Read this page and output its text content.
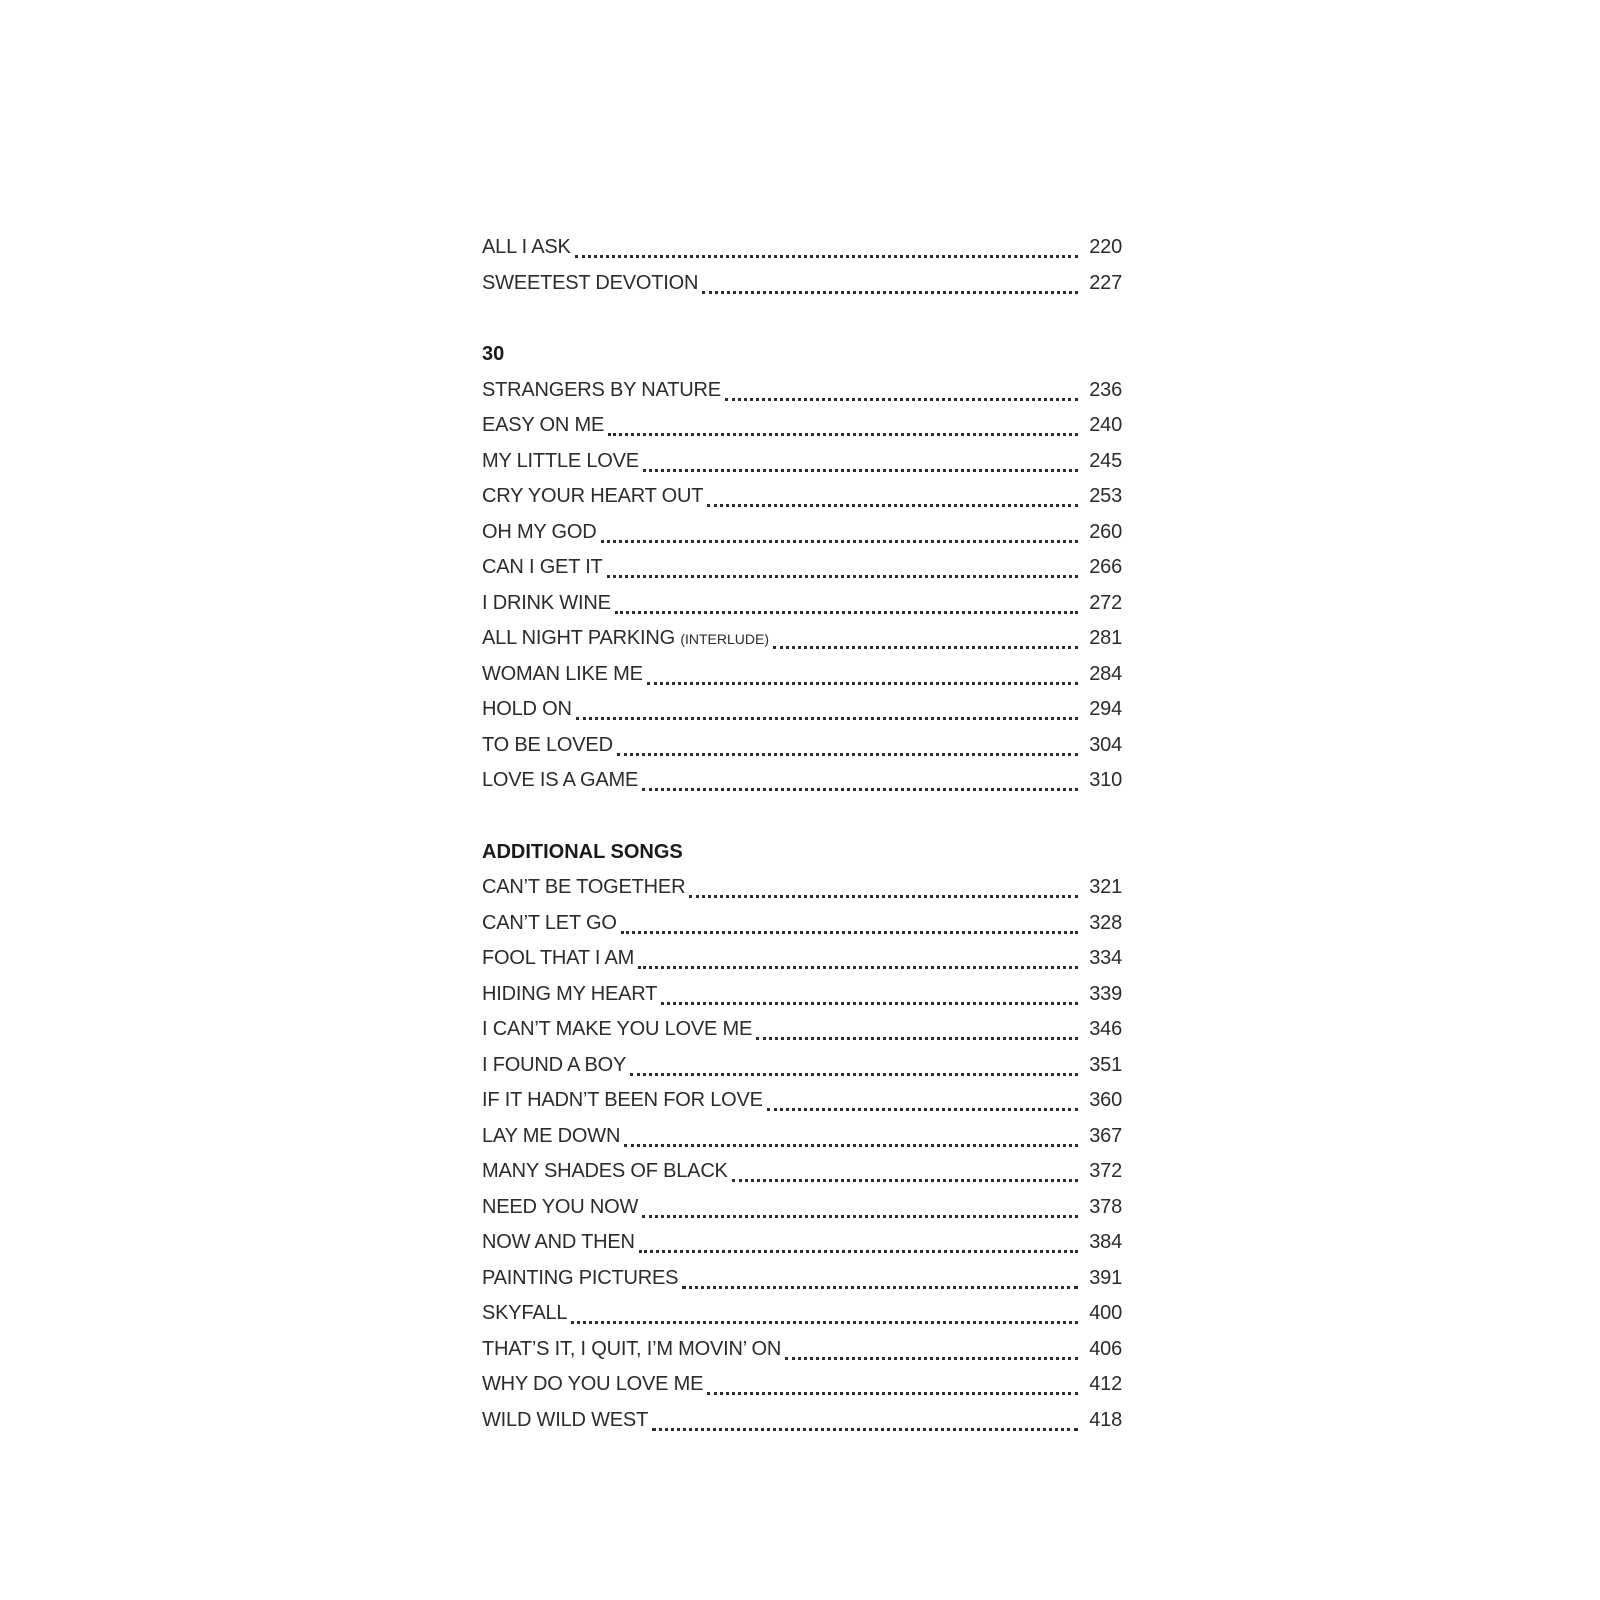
ALL I ASK	220
SWEETEST DEVOTION	227
30
STRANGERS BY NATURE	236
EASY ON ME	240
MY LITTLE LOVE	245
CRY YOUR HEART OUT	253
OH MY GOD	260
CAN I GET IT	266
I DRINK WINE	272
ALL NIGHT PARKING (INTERLUDE)	281
WOMAN LIKE ME	284
HOLD ON	294
TO BE LOVED	304
LOVE IS A GAME	310
ADDITIONAL SONGS
CAN’T BE TOGETHER	321
CAN’T LET GO	328
FOOL THAT I AM	334
HIDING MY HEART	339
I CAN’T MAKE YOU LOVE ME	346
I FOUND A BOY	351
IF IT HADN’T BEEN FOR LOVE	360
LAY ME DOWN	367
MANY SHADES OF BLACK	372
NEED YOU NOW	378
NOW AND THEN	384
PAINTING PICTURES	391
SKYFALL	400
THAT’S IT, I QUIT, I’M MOVIN’ ON	406
WHY DO YOU LOVE ME	412
WILD WILD WEST	418
